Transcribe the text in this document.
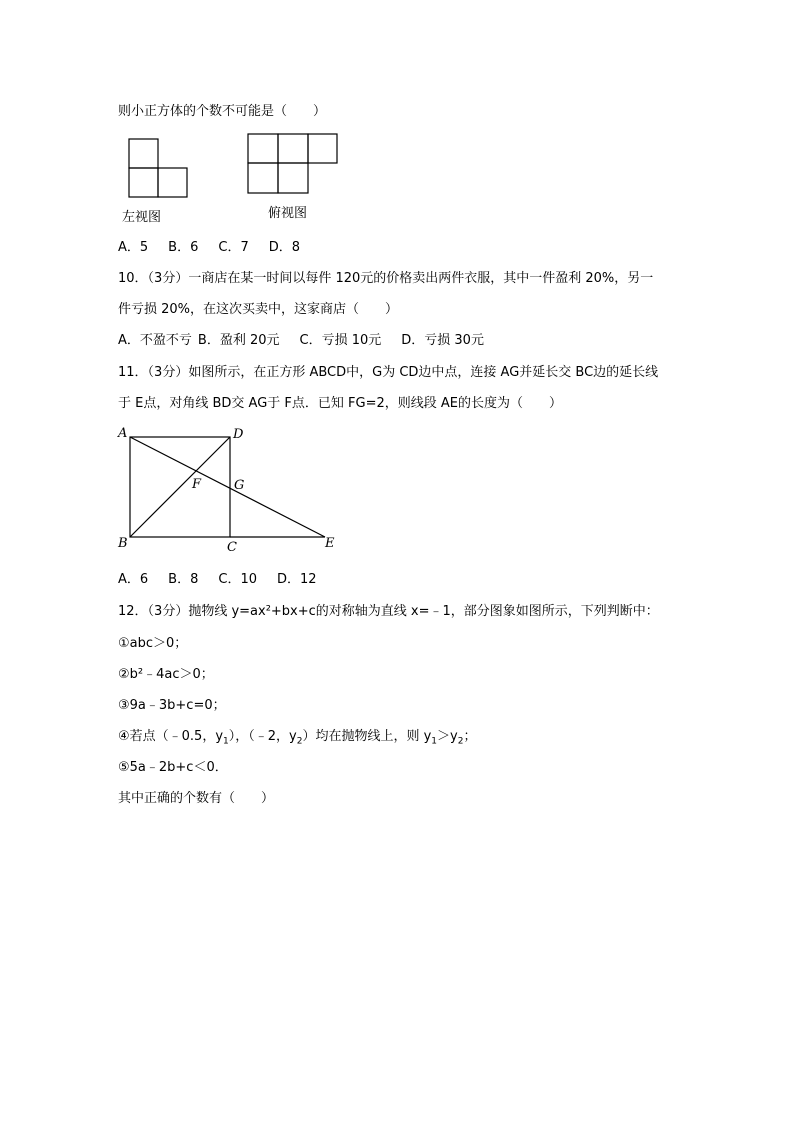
则小正方体的个数不可能是（　　）
左视图	俯视图
A．5 B．6 C．7 D．8
10．（3分）一商店在某一时间以每件 120元的价格卖出两件衣服，其中一件盈利 20%，另一
件亏损 20%，在这次买卖中，这家商店（　　）
A．不盈不亏 B．盈利 20元 C．亏损 10元 D．亏损 30元
11．（3分）如图所示，在正方形 ABCD中，G为 CD边中点，连接 AG并延长交 BC边的延长线
于 E点，对角线 BD交 AG于 F点．已知 FG=2，则线段 AE的长度为（　　）
A	D
F	G
B	C	E
A．6 B．8 C．10 D．12
12．（3分）抛物线 y=ax²+bx+c的对称轴为直线 x=﹣1，部分图象如图所示，下列判断中：
①abc＞0；
②b²﹣4ac＞0；
③9a﹣3b+c=0；
④若点（﹣0.5，$y_1$），（﹣2，$y_2$）均在抛物线上，则 $y_1>y_2$；
⑤5a﹣2b+c＜0．
其中正确的个数有（　　）
